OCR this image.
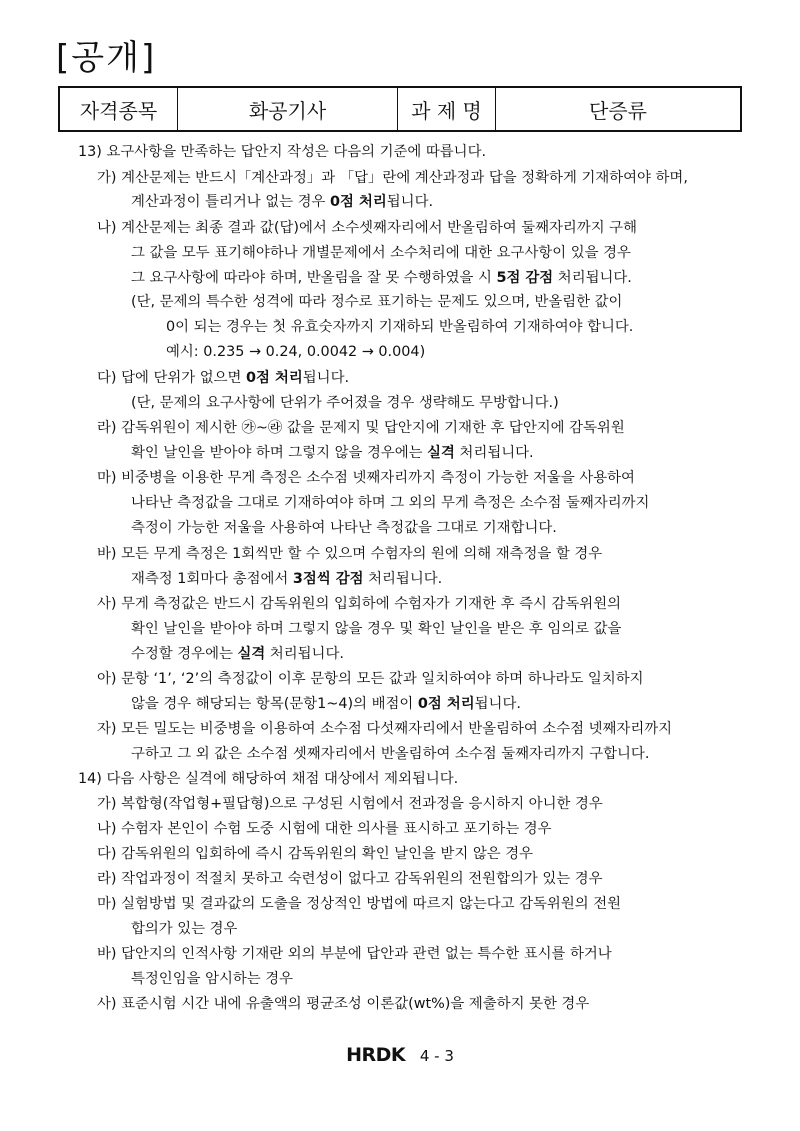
[공개]
자격종목	화공기사	과 제 명	단증류
13) 요구사항을 만족하는 답안지 작성은 다음의 기준에 따릅니다.
가) 계산문제는 반드시「계산과정」과 「답」란에 계산과정과 답을 정확하게 기재하여야 하며,
계산과정이 틀리거나 없는 경우 0점 처리됩니다.
나) 계산문제는 최종 결과 값(답)에서 소수셋째자리에서 반올림하여 둘째자리까지 구해
그 값을 모두 표기해야하나 개별문제에서 소수처리에 대한 요구사항이 있을 경우
그 요구사항에 따라야 하며, 반올림을 잘 못 수행하였을 시 5점 감점 처리됩니다.
(단, 문제의 특수한 성격에 따라 정수로 표기하는 문제도 있으며, 반올림한 값이
0이 되는 경우는 첫 유효숫자까지 기재하되 반올림하여 기재하여야 합니다.
예시: 0.235 → 0.24, 0.0042 → 0.004)
다) 답에 단위가 없으면 0점 처리됩니다.
(단, 문제의 요구사항에 단위가 주어졌을 경우 생략해도 무방합니다.)
라) 감독위원이 제시한 ㉮~㉱ 값을 문제지 및 답안지에 기재한 후 답안지에 감독위원
확인 날인을 받아야 하며 그렇지 않을 경우에는 실격 처리됩니다.
마) 비중병을 이용한 무게 측정은 소수점 넷째자리까지 측정이 가능한 저울을 사용하여
나타난 측정값을 그대로 기재하여야 하며 그 외의 무게 측정은 소수점 둘째자리까지
측정이 가능한 저울을 사용하여 나타난 측정값을 그대로 기재합니다.
바) 모든 무게 측정은 1회씩만 할 수 있으며 수험자의 원에 의해 재측정을 할 경우
재측정 1회마다 총점에서 3점씩 감점 처리됩니다.
사) 무게 측정값은 반드시 감독위원의 입회하에 수험자가 기재한 후 즉시 감독위원의
확인 날인을 받아야 하며 그렇지 않을 경우 및 확인 날인을 받은 후 임의로 값을
수정할 경우에는 실격 처리됩니다.
아) 문항 ‘1’, ‘2’의 측정값이 이후 문항의 모든 값과 일치하여야 하며 하나라도 일치하지
않을 경우 해당되는 항목(문항1~4)의 배점이 0점 처리됩니다.
자) 모든 밀도는 비중병을 이용하여 소수점 다섯째자리에서 반올림하여 소수점 넷째자리까지
구하고 그 외 값은 소수점 셋째자리에서 반올림하여 소수점 둘째자리까지 구합니다.
14) 다음 사항은 실격에 해당하여 채점 대상에서 제외됩니다.
가) 복합형(작업형+필답형)으로 구성된 시험에서 전과정을 응시하지 아니한 경우
나) 수험자 본인이 수험 도중 시험에 대한 의사를 표시하고 포기하는 경우
다) 감독위원의 입회하에 즉시 감독위원의 확인 날인을 받지 않은 경우
라) 작업과정이 적절치 못하고 숙련성이 없다고 감독위원의 전원합의가 있는 경우
마) 실험방법 및 결과값의 도출을 정상적인 방법에 따르지 않는다고 감독위원의 전원
합의가 있는 경우
바) 답안지의 인적사항 기재란 외의 부분에 답안과 관련 없는 특수한 표시를 하거나
특정인임을 암시하는 경우
사) 표준시험 시간 내에 유출액의 평균조성 이론값(wt%)을 제출하지 못한 경우
HRDK 4 - 3
